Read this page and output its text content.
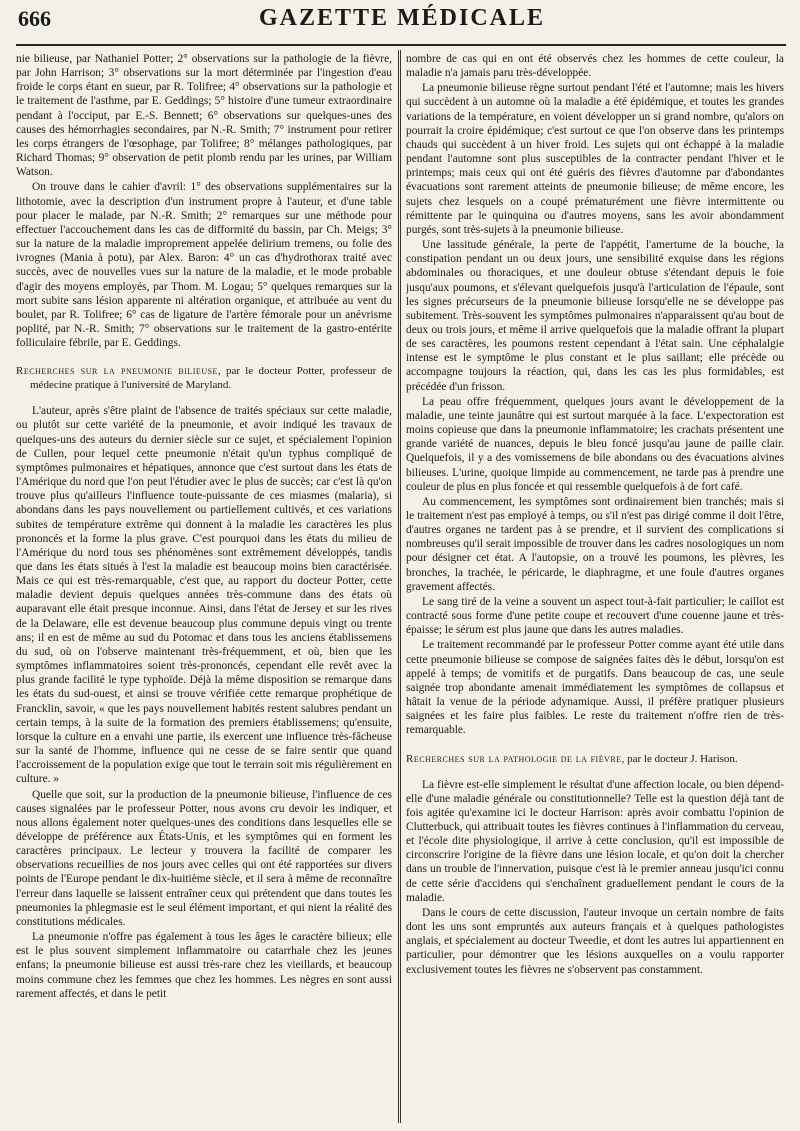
666	GAZETTE MÉDICALE

nie bilieuse, par Nathaniel Potter; 2° observations sur la pathologie de la fièvre, par John Harrison; 3° observations sur la mort déterminée par l'ingestion d'eau froide le corps étant en sueur, par R. Tolifree; 4° observations sur la pathologie et le traitement de l'asthme, par E. Geddings; 5° histoire d'une tumeur extraordinaire pendant à l'occiput, par E.-S. Bennett; 6° observations sur quelques-unes des causes des hémorrhagies secondaires, par N.-R. Smith; 7° instrument pour retirer les corps étrangers de l'œsophage, par Tolifree; 8° mélanges pathologiques, par Richard Thomas; 9° observation de petit plomb rendu par les urines, par William Watson.

On trouve dans le cahier d'avril: 1° des observations supplémentaires sur la lithotomie, avec la description d'un instrument propre à l'auteur, et d'une table pour placer le malade, par N.-R. Smith; 2° remarques sur une méthode pour effectuer l'accouchement dans les cas de difformité du bassin, par Ch. Meigs; 3° sur la nature de la maladie improprement appelée delirium tremens, ou folie des ivrognes (Mania à potu), par Alex. Baron: 4° un cas d'hydrothorax traité avec succès, avec de nouvelles vues sur la nature de la maladie, et le mode probable d'agir des moyens employés, par Thom. M. Logau; 5° quelques remarques sur la mort subite sans lésion apparente ni altération organique, et attribuée au vent du boulet, par R. Tolifree; 6° cas de ligature de l'artère fémorale pour un anévrisme poplité, par N.-R. Smith; 7° observations sur le traitement de la gastro-entérite folliculaire fébrile, par E. Geddings.

Recherches sur la pneumonie bilieuse, par le docteur Potter, professeur de médecine pratique à l'université de Maryland.

L'auteur, après s'être plaint de l'absence de traités spéciaux sur cette maladie, ou plutôt sur cette variété de la pneumonie, et avoir indiqué les travaux de quelques-uns des auteurs du dernier siècle sur ce sujet, et spécialement l'opinion de Cullen, pour lequel cette pneumonie n'était qu'un typhus compliqué de symptômes pulmonaires et hépatiques, annonce que c'est surtout dans les états de l'Amérique du nord que l'on peut l'étudier avec le plus de succès; car c'est là qu'on trouve plus qu'ailleurs l'influence toute-puissante de ces miasmes (malaria), si abondans dans les pays nouvellement ou partiellement cultivés, et ces variations subites de température extrême qui donnent à la maladie les caractères les plus prononcés et la forme la plus grave. C'est pourquoi dans les états du milieu de l'Amérique du nord tous ses phénomènes sont extrêmement développés, tandis que dans les états situés à l'est la maladie est beaucoup moins bien caractérisée. Mais ce qui est très-remarquable, c'est que, au rapport du docteur Potter, cette maladie devient depuis quelques années très-commune dans des états où auparavant elle était presque inconnue. Ainsi, dans l'état de Jersey et sur les rives de la Delaware, elle est devenue beaucoup plus commune depuis vingt ou trente ans; il en est de même au sud du Potomac et dans tous les anciens établissemens du sud, où on l'observe maintenant très-fréquemment, et où, bien que les symptômes inflammatoires soient très-prononcés, cependant elle revêt avec la plus grande facilité le type typhoïde. Déjà la même disposition se remarque dans les états du sud-ouest, et ainsi se trouve vérifiée cette remarque prophétique de Francklin, savoir, « que les pays nouvellement habités restent salubres pendant un certain temps, à la suite de la formation des premiers établissemens; qu'ensuite, lorsque la culture en a envahi une partie, ils exercent une influence très-fâcheuse sur la santé de l'homme, influence qui ne cesse de se faire sentir que quand l'accroissement de la population exige que tout le terrain soit mis régulièrement en culture. »

Quelle que soit, sur la production de la pneumonie bilieuse, l'influence de ces causes signalées par le professeur Potter, nous avons cru devoir les indiquer, et nous allons également noter quelques-unes des conditions dans lesquelles elle se développe de préférence aux États-Unis, et les symptômes qui en forment les caractères principaux. Le lecteur y trouvera la facilité de comparer les observations recueillies de nos jours avec celles qui ont été rapportées sur divers points de l'Europe pendant le dix-huitième siècle, et il sera à même de reconnaître l'erreur dans laquelle se laissent entraîner ceux qui prétendent que dans toutes les pneumonies la phlegmasie est le seul élément important, et qui nient la réalité des constitutions médicales.

La pneumonie n'offre pas également à tous les âges le caractère bilieux; elle est le plus souvent simplement inflammatoire ou catarrhale chez les jeunes enfans; la pneumonie bilieuse est aussi très-rare chez les vieillards, et beaucoup moins commune chez les femmes que chez les hommes. Les nègres en sont aussi rarement affectés, et dans le petit

nombre de cas qui en ont été observés chez les hommes de cette couleur, la maladie n'a jamais paru très-développée.

La pneumonie bilieuse règne surtout pendant l'été et l'automne; mais les hivers qui succèdent à un automne où la maladie a été épidémique, et toutes les grandes variations de la température, en voient développer un si grand nombre, qu'alors on pourrait la croire épidémique; c'est surtout ce que l'on observe dans les printemps chauds qui succèdent à un hiver froid. Les sujets qui ont échappé à la maladie pendant l'automne sont plus susceptibles de la contracter pendant l'hiver et le printemps; mais ceux qui ont été guéris des fièvres d'automne par d'abondantes évacuations sont rarement atteints de pneumonie bilieuse; de même encore, les sujets chez lesquels on a coupé prématurément une fièvre intermittente ou rémittente par le quinquina ou d'autres moyens, sans les avoir abondamment purgés, sont très-sujets à la pneumonie bilieuse.

Une lassitude générale, la perte de l'appétit, l'amertume de la bouche, la constipation pendant un ou deux jours, une sensibilité exquise dans les régions abdominales ou thoraciques, et une douleur obtuse s'étendant depuis le foie jusqu'aux poumons, et s'élevant quelquefois jusqu'à l'articulation de l'épaule, sont les signes précurseurs de la pneumonie bilieuse lorsqu'elle ne se développe pas subitement. Très-souvent les symptômes pulmonaires n'apparaissent qu'au bout de deux ou trois jours, et même il arrive quelquefois que la maladie offrant la plupart de ses caractères, les poumons restent cependant à l'état sain. Une céphalalgie intense est le symptôme le plus constant et le plus saillant; elle précède ou accompagne toujours la réaction, qui, dans les cas les plus formidables, est précédée d'un frisson.

La peau offre fréquemment, quelques jours avant le développement de la maladie, une teinte jaunâtre qui est surtout marquée à la face. L'expectoration est moins copieuse que dans la pneumonie inflammatoire; les crachats présentent une grande variété de nuances, depuis le bleu foncé jusqu'au jaune de paille clair. Quelquefois, il y a des vomissemens de bile abondans ou des évacuations alvines bilieuses. L'urine, quoique limpide au commencement, ne tarde pas à prendre une couleur de plus en plus foncée et qui ressemble quelquefois à de fort café.

Au commencement, les symptômes sont ordinairement bien tranchés; mais si le traitement n'est pas employé à temps, ou s'il n'est pas dirigé comme il doit l'être, d'autres organes ne tardent pas à se prendre, et il survient des complications si nombreuses qu'il serait impossible de trouver dans les cadres nosologiques un nom pour désigner cet état. A l'autopsie, on a trouvé les poumons, les plèvres, les bronches, la trachée, le péricarde, le diaphragme, et une foule d'autres organes gravement affectés.

Le sang tiré de la veine a souvent un aspect tout-à-fait particulier; le caillot est contracté sous forme d'une petite coupe et recouvert d'une couenne jaune et très-épaisse; le sérum est plus jaune que dans les autres maladies.

Le traitement recommandé par le professeur Potter comme ayant été utile dans cette pneumonie bilieuse se compose de saignées faites dès le début, lorsqu'on est appelé à temps; de vomitifs et de purgatifs. Dans beaucoup de cas, une seule saignée trop abondante amenait immédiatement les symptômes de collapsus et hâtait la venue de la période adynamique. Aussi, il préfère pratiquer plusieurs saignées et les faire plus faibles. Le reste du traitement n'offre rien de très-remarquable.

Recherches sur la pathologie de la fièvre, par le docteur J. Harison.

La fièvre est-elle simplement le résultat d'une affection locale, ou bien dépend-elle d'une maladie générale ou constitutionnelle? Telle est la question déjà tant de fois agitée qu'examine ici le docteur Harrison: après avoir combattu l'opinion de Clutterbuck, qui attribuait toutes les fièvres continues à l'inflammation du cerveau, et l'école dite physiologique, il arrive à cette conclusion, qu'il est impossible de circonscrire l'origine de la fièvre dans une lésion locale, et qu'on doit la chercher dans un trouble de l'innervation, puisque c'est là le premier anneau jusqu'ici connu de cette série d'accidens qui s'enchaînent graduellement pendant le cours de la maladie.

Dans le cours de cette discussion, l'auteur invoque un certain nombre de faits dont les uns sont empruntés aux auteurs français et à quelques pathologistes anglais, et spécialement au docteur Tweedie, et dont les autres lui appartiennent en particulier, pour démontrer que les lésions auxquelles on a voulu rapporter exclusivement toutes les fièvres ne s'observent pas constamment.
